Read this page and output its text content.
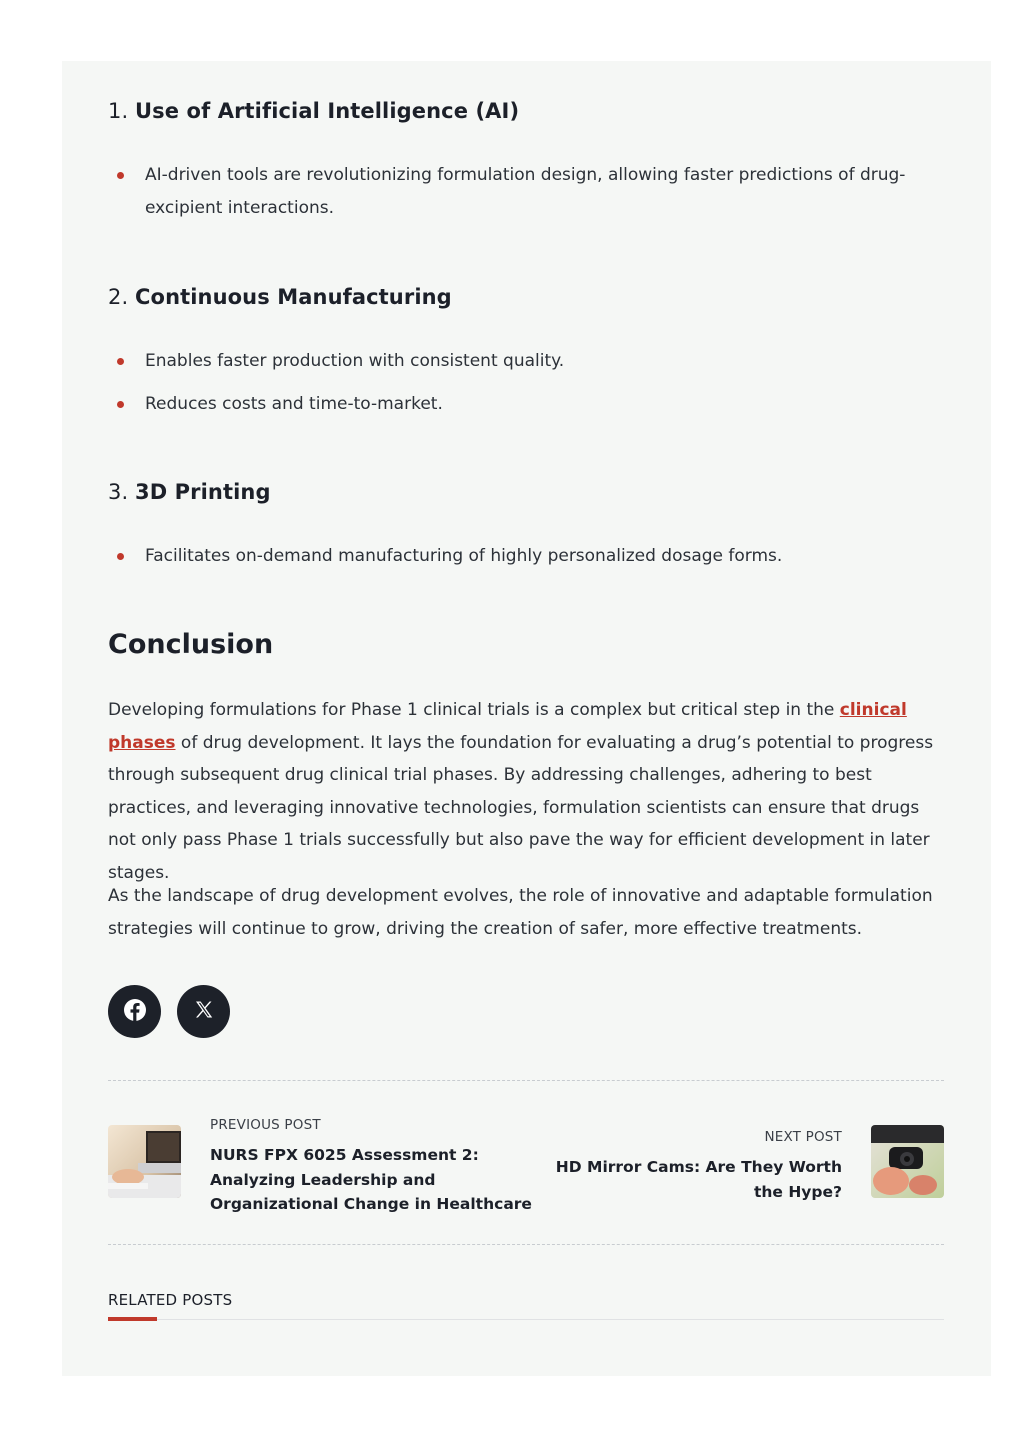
1. Use of Artificial Intelligence (AI)
AI-driven tools are revolutionizing formulation design, allowing faster predictions of drug-excipient interactions.
2. Continuous Manufacturing
Enables faster production with consistent quality.
Reduces costs and time-to-market.
3. 3D Printing
Facilitates on-demand manufacturing of highly personalized dosage forms.
Conclusion

Developing formulations for Phase 1 clinical trials is a complex but critical step in the clinical phases of drug development. It lays the foundation for evaluating a drug’s potential to progress through subsequent drug clinical trial phases. By addressing challenges, adhering to best practices, and leveraging innovative technologies, formulation scientists can ensure that drugs not only pass Phase 1 trials successfully but also pave the way for efficient development in later stages.

As the landscape of drug development evolves, the role of innovative and adaptable formulation strategies will continue to grow, driving the creation of safer, more effective treatments.

PREVIOUS POST
NURS FPX 6025 Assessment 2: Analyzing Leadership and Organizational Change in Healthcare
NEXT POST
HD Mirror Cams: Are They Worth the Hype?
RELATED POSTS
